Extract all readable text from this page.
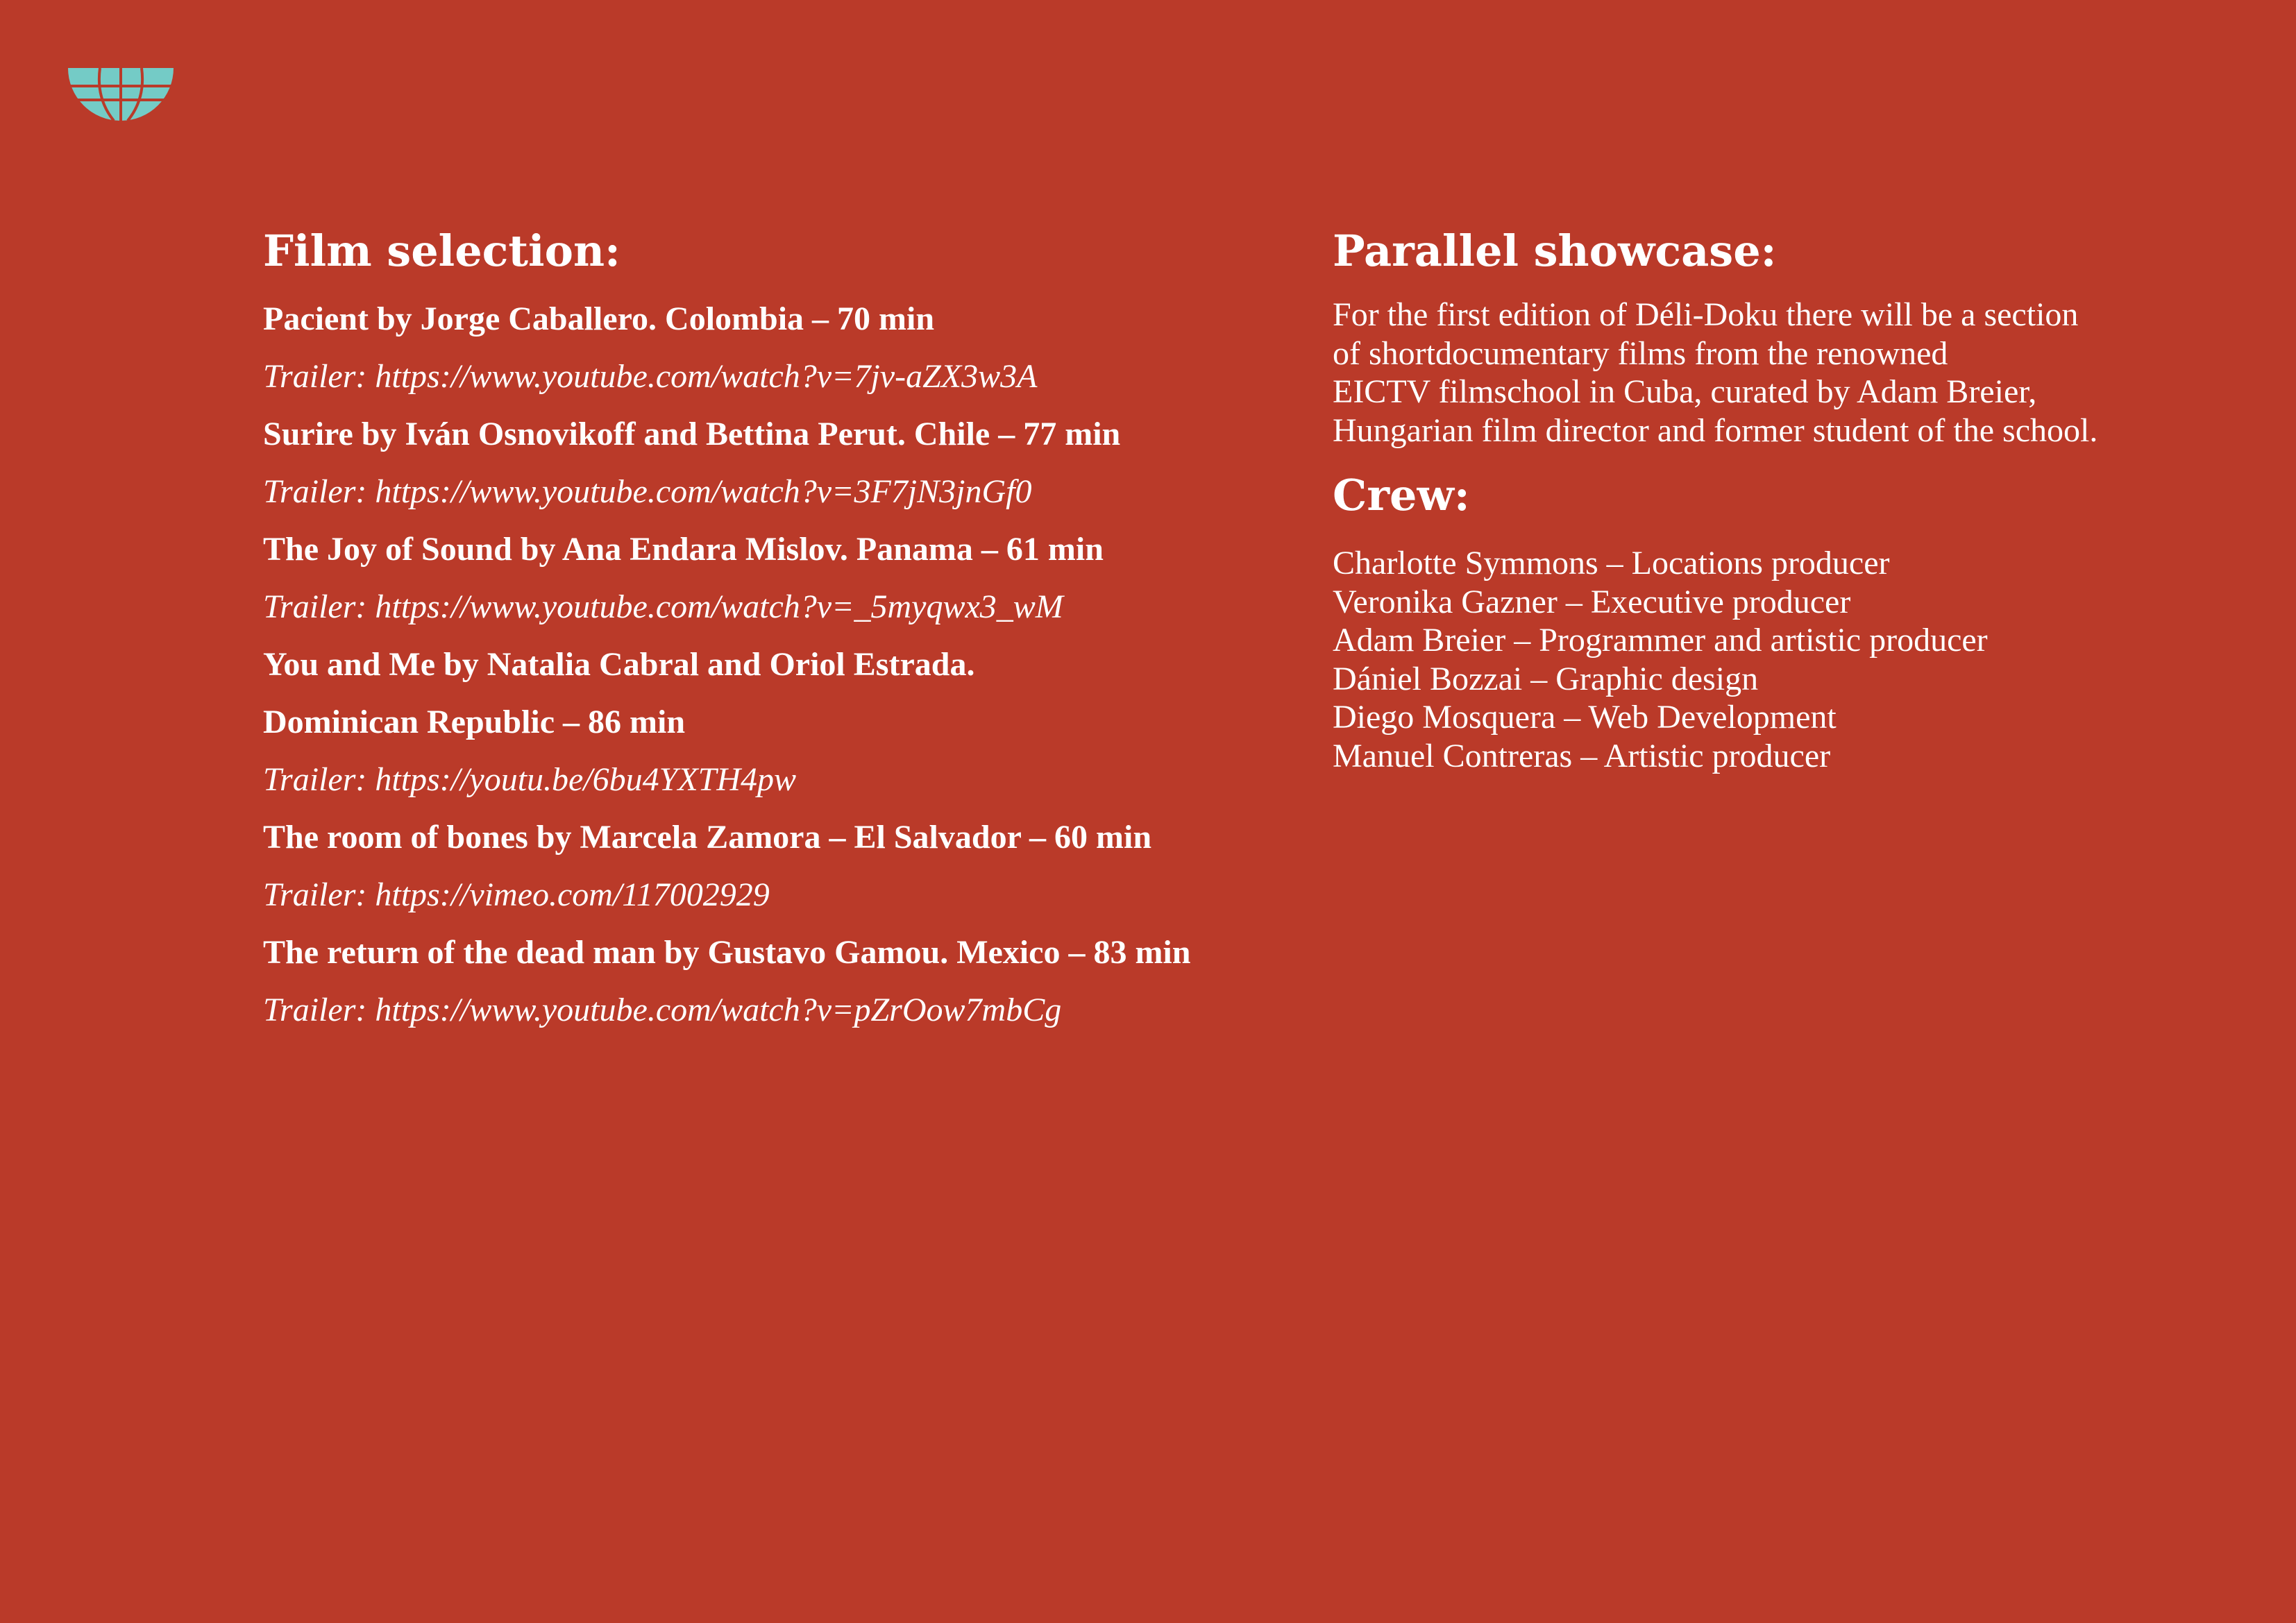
Film selection:

Pacient by Jorge Caballero. Colombia – 70 min

Trailer: https://www.youtube.com/watch?v=7jv-aZX3w3A

Surire by Iván Osnovikoff and Bettina Perut. Chile – 77 min

Trailer: https://www.youtube.com/watch?v=3F7jN3jnGf0

The Joy of Sound by Ana Endara Mislov. Panama – 61 min

Trailer: https://www.youtube.com/watch?v=_5myqwx3_wM

You and Me by Natalia Cabral and Oriol Estrada.

Dominican Republic – 86 min

Trailer: https://youtu.be/6bu4YXTH4pw

The room of bones by Marcela Zamora – El Salvador – 60 min

Trailer: https://vimeo.com/117002929

The return of the dead man by Gustavo Gamou. Mexico – 83 min

Trailer: https://www.youtube.com/watch?v=pZrOow7mbCg

Parallel showcase:
For the first edition of Déli-Doku there will be a section
of shortdocumentary films from the renowned
EICTV filmschool in Cuba, curated by Adam Breier,
Hungarian film director and former student of the school.
Crew:
Charlotte Symmons – Locations producer
Veronika Gazner – Executive producer
Adam Breier – Programmer and artistic producer
Dániel Bozzai – Graphic design
Diego Mosquera – Web Development
Manuel Contreras – Artistic producer
